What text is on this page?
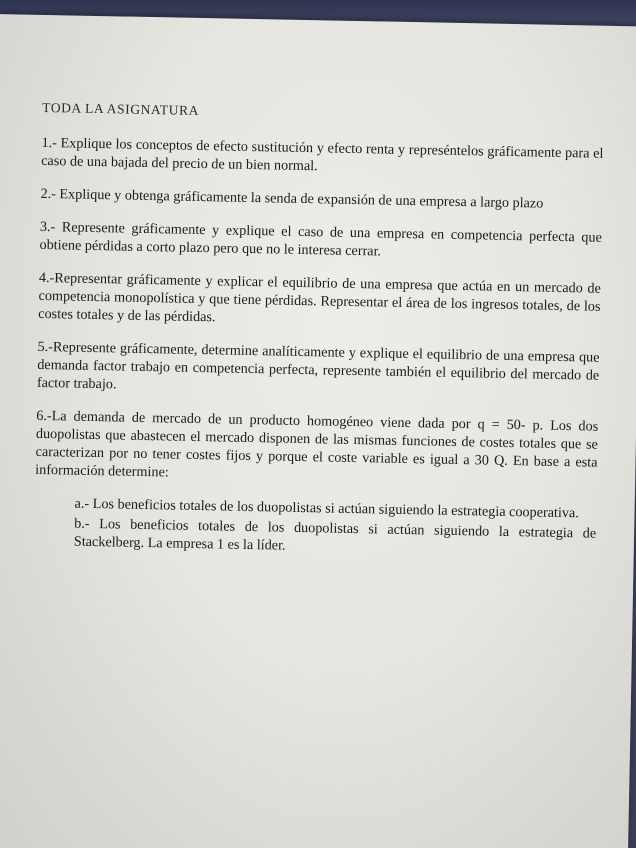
TODA LA ASIGNATURA

1.- Explique los conceptos de efecto sustitución y efecto renta y represéntelos gráficamente para el caso de una bajada del precio de un bien normal.

2.- Explique y obtenga gráficamente la senda de expansión de una empresa a largo plazo

3.- Represente gráficamente y explique el caso de una empresa en competencia perfecta que obtiene pérdidas a corto plazo pero que no le interesa cerrar.

4.-Representar gráficamente y explicar el equilibrio de una empresa que actúa en un mercado de competencia monopolística y que tiene pérdidas. Representar el área de los ingresos totales, de los costes totales y de las pérdidas.

5.-Represente gráficamente, determine analíticamente y explique el equilibrio de una empresa que demanda factor trabajo en competencia perfecta, represente también el equilibrio del mercado de factor trabajo.

6.-La demanda de mercado de un producto homogéneo viene dada por q = 50- p. Los dos duopolistas que abastecen el mercado disponen de las mismas funciones de costes totales que se caracterizan por no tener costes fijos y porque el coste variable es igual a 30 Q. En base a esta información determine:

a.- Los beneficios totales de los duopolistas si actúan siguiendo la estrategia cooperativa.

b.- Los beneficios totales de los duopolistas si actúan siguiendo la estrategia de Stackelberg. La empresa 1 es la líder.
